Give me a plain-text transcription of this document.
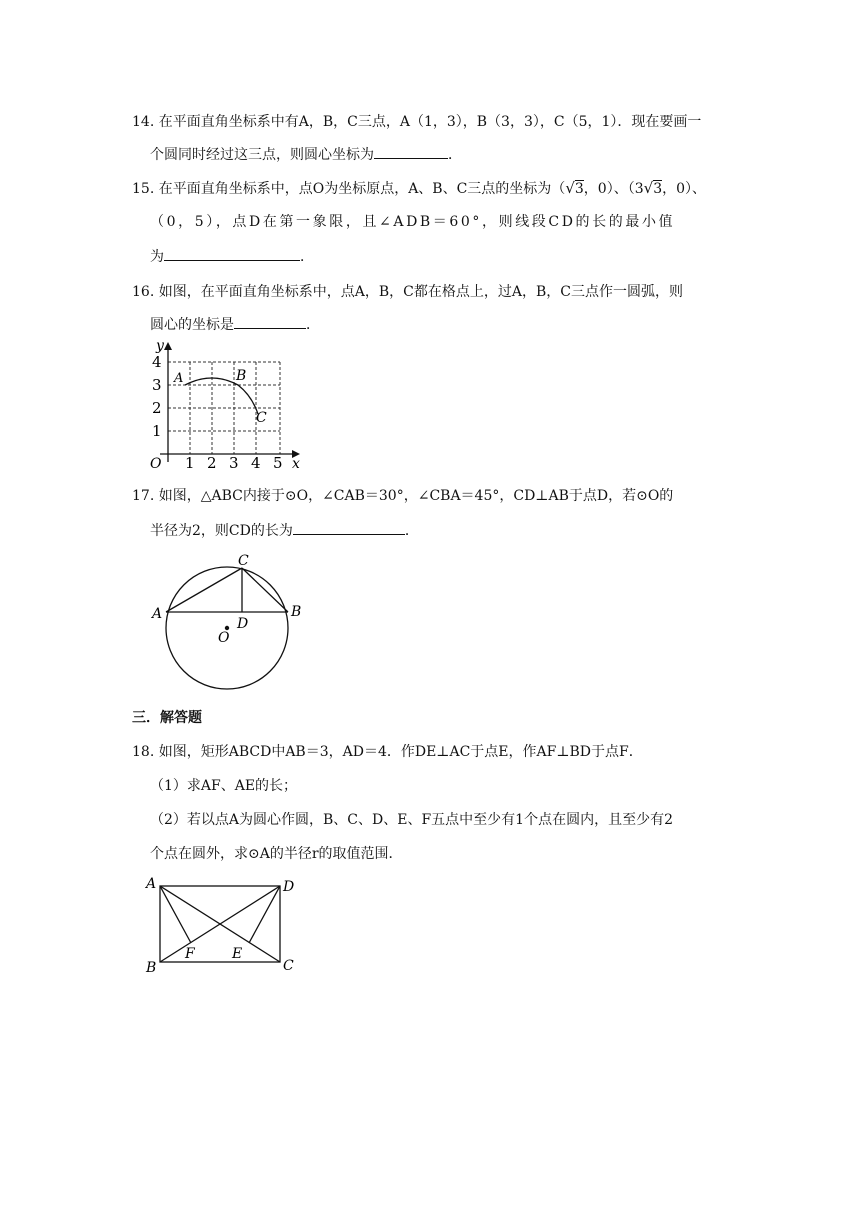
14. 在平面直角坐标系中有A，B，C三点，A（1，3），B（3，3），C（5，1）．现在要画一
个圆同时经过这三点，则圆心坐标为	．
15. 在平面直角坐标系中，点O为坐标原点，A、B、C三点的坐标为（√3，0）、（3√3，0）、
（0，5），点D在第一象限，且∠ADB＝60°，则线段CD的长的最小值
为	．
16. 如图，在平面直角坐标系中，点A，B，C都在格点上，过A，B，C三点作一圆弧，则
圆心的坐标是	．
y
x
O 1 2 3 4 5
1
2
3
4
A	B
C
17. 如图，△ABC内接于⊙O，∠CAB＝30°，∠CBA＝45°，CD⊥AB于点D，若⊙O的
半径为2，则CD的长为	．
A	B
C
D
O
三．解答题
18. 如图，矩形ABCD中AB＝3，AD＝4．作DE⊥AC于点E，作AF⊥BD于点F．
（1）求AF、AE的长；
（2）若以点A为圆心作圆，B、C、D、E、F五点中至少有1个点在圆内，且至少有2
个点在圆外，求⊙A的半径r的取值范围．
A	D
B	C
F	E
